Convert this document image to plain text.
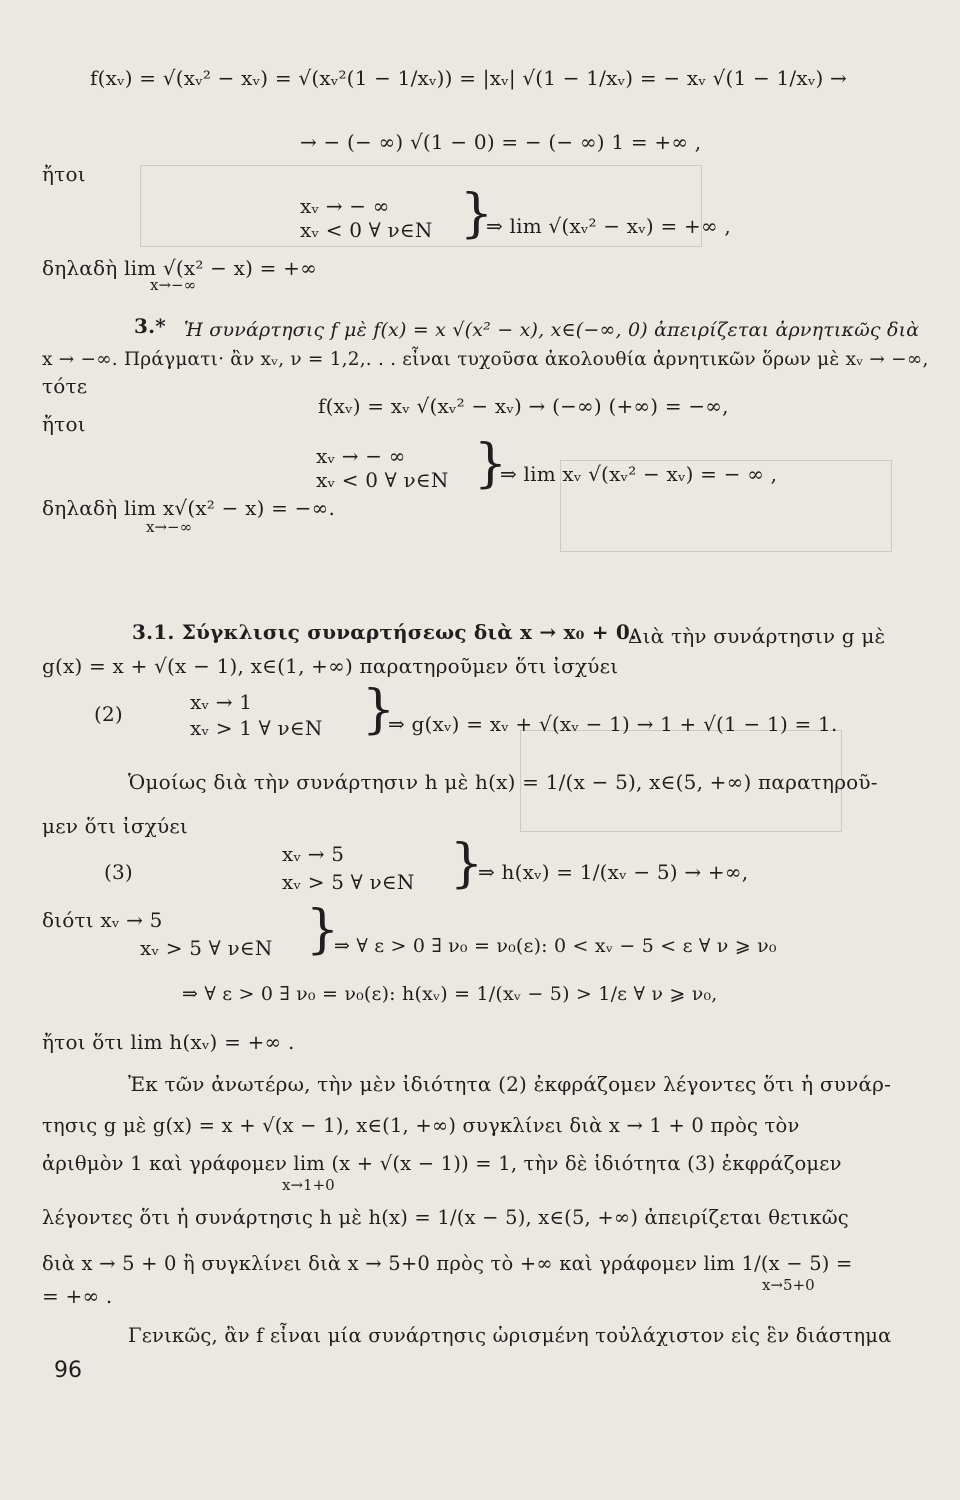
f(xᵥ) = √(xᵥ² − xᵥ) = √(xᵥ²(1 − 1/xᵥ)) = |xᵥ| √(1 − 1/xᵥ) = − xᵥ √(1 − 1/xᵥ) →
→ − (− ∞) √(1 − 0) = − (− ∞) 1 = +∞ ,
ἤτοι
xᵥ → − ∞
xᵥ < 0 ∀ ν∈N }
⇒ lim √(xᵥ² − xᵥ) = +∞ ,
δηλαδὴ lim √(x² − x) = +∞
x→−∞
3.* Ἡ συνάρτησις f μὲ f(x) = x √(x² − x), x∈(−∞, 0) ἀπειρίζεται ἀρνητικῶς διὰ
x → −∞. Πράγματι· ἂν xᵥ, ν = 1,2,. . . εἶναι τυχοῦσα ἀκολουθία ἀρνητικῶν ὅρων μὲ xᵥ → −∞,
τότε
f(xᵥ) = xᵥ √(xᵥ² − xᵥ) → (−∞) (+∞) = −∞,
ἤτοι
xᵥ → − ∞
xᵥ < 0 ∀ ν∈N }
⇒ lim xᵥ √(xᵥ² − xᵥ) = − ∞ ,
δηλαδὴ lim x√(x² − x) = −∞.
x→−∞
3.1. Σύγκλισις συναρτήσεως διὰ x → x₀ + 0.
Διὰ τὴν συνάρτησιν g μὲ
g(x) = x + √(x − 1), x∈(1, +∞) παρατηροῦμεν ὅτι ἰσχύει
(2)	xᵥ → 1
xᵥ > 1 ∀ ν∈N }
⇒ g(xᵥ) = xᵥ + √(xᵥ − 1) → 1 + √(1 − 1) = 1.
Ὁμοίως διὰ τὴν συνάρτησιν h μὲ h(x) = 1/(x − 5), x∈(5, +∞) παρατηροῦ-
μεν ὅτι ἰσχύει
(3)
xᵥ → 5
xᵥ > 5 ∀ ν∈N }
⇒ h(xᵥ) = 1/(xᵥ − 5) → +∞,
διότι xᵥ → 5
xᵥ > 5 ∀ ν∈N }
⇒ ∀ ε > 0 ∃ ν₀ = ν₀(ε): 0 < xᵥ − 5 < ε ∀ ν ⩾ ν₀
⇒ ∀ ε > 0 ∃ ν₀ = ν₀(ε): h(xᵥ) = 1/(xᵥ − 5) > 1/ε ∀ ν ⩾ ν₀,
ἤτοι ὅτι lim h(xᵥ) = +∞ .
Ἐκ τῶν ἀνωτέρω, τὴν μὲν ἰδιότητα (2) ἐκφράζομεν λέγοντες ὅτι ἡ συνάρ-
τησις g μὲ g(x) = x + √(x − 1), x∈(1, +∞) συγκλίνει διὰ x → 1 + 0 πρὸς τὸν
ἀριθμὸν 1 καὶ γράφομεν lim (x + √(x − 1)) = 1, τὴν δὲ ἰδιότητα (3) ἐκφράζομεν
x→1+0
λέγοντες ὅτι ἡ συνάρτησις h μὲ h(x) = 1/(x − 5), x∈(5, +∞) ἀπειρίζεται θετικῶς
διὰ x → 5 + 0 ἢ συγκλίνει διὰ x → 5+0 πρὸς τὸ +∞ καὶ γράφομεν lim 1/(x − 5) =
x→5+0
= +∞ .
Γενικῶς, ἂν f εἶναι μία συνάρτησις ὡρισμένη τοὐλάχιστον εἰς ἓν διάστημα
96
